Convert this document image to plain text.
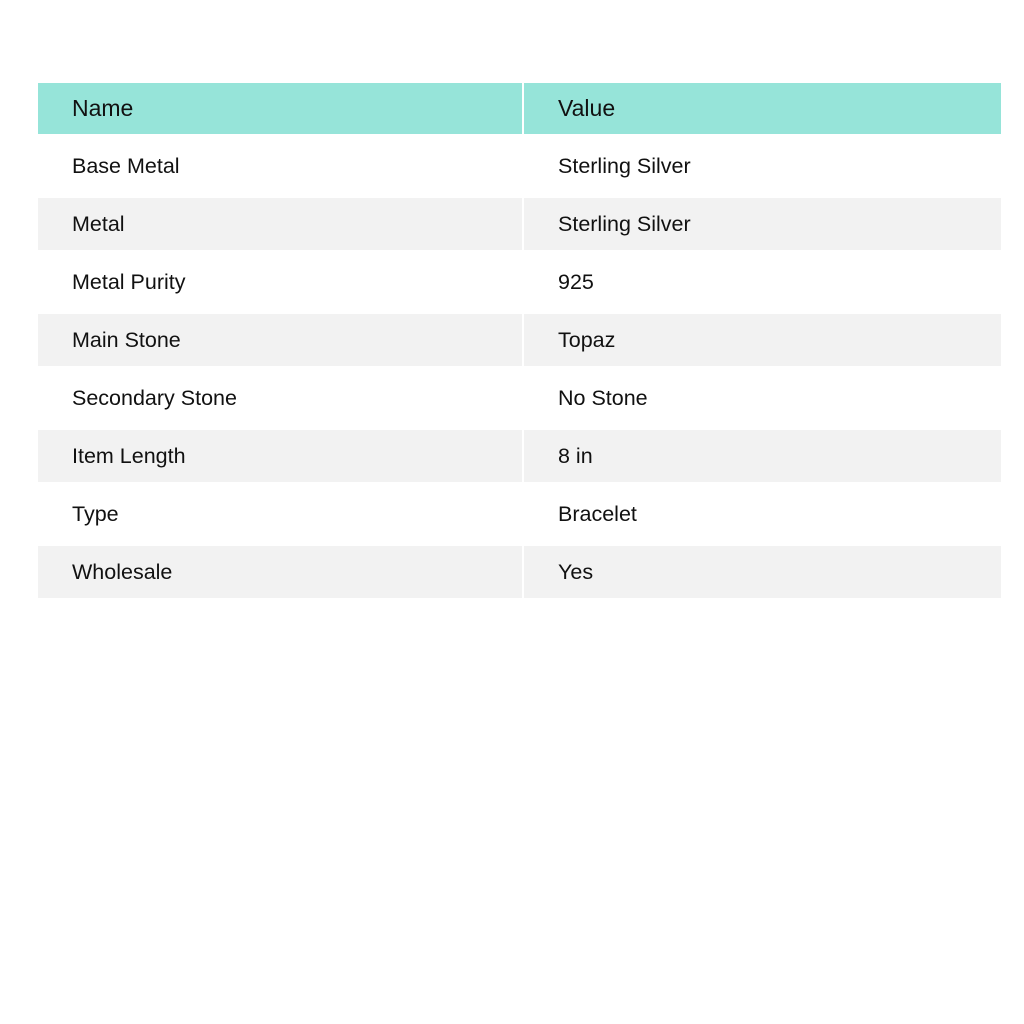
Name	Value
Base Metal	Sterling Silver
Metal	Sterling Silver
Metal Purity	925
Main Stone	Topaz
Secondary Stone	No Stone
Item Length	8 in
Type	Bracelet
Wholesale	Yes
